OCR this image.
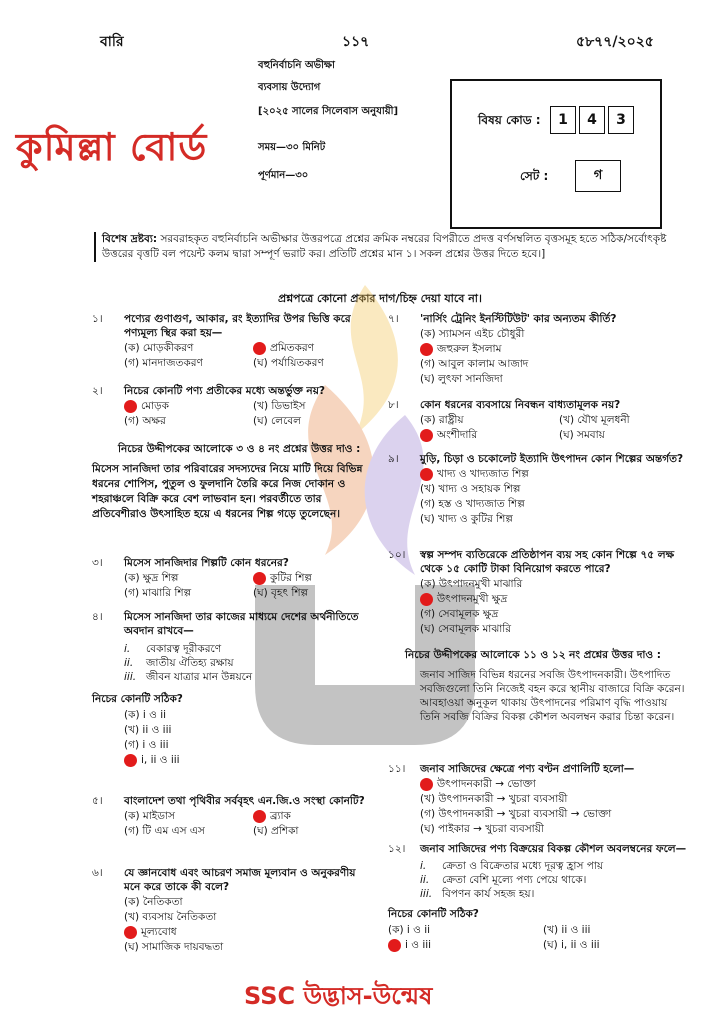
বারি	১১৭	৫৮৭৭/২০২৫
কুমিল্লা বোর্ড
বহুনির্বাচনি অভীক্ষা
ব্যবসায় উদ্যোগ
[২০২৫ সালের সিলেবাস অনুযায়ী]
সময়—৩০ মিনিট
পূর্ণমান—৩০
বিষয় কোড :	1	4	3
সেট :	গ
বিশেষ দ্রষ্টব্য: সরবরাহকৃত বহুনির্বাচনি অভীক্ষার উত্তরপত্রে প্রশ্নের ক্রমিক নম্বরের বিপরীতে প্রদত্ত বর্ণসম্বলিত বৃত্তসমূহ হতে সঠিক/সর্বোৎকৃষ্ট উত্তরের বৃত্তটি বল পয়েন্ট কলম দ্বারা সম্পূর্ণ ভরাট কর। প্রতিটি প্রশ্নের মান ১। সকল প্রশ্নের উত্তর দিতে হবে।]
প্রশ্নপত্রে কোনো প্রকার দাগ/চিহ্ন দেয়া যাবে না।
১। পণ্যের গুণাগুণ, আকার, রং ইত্যাদির উপর ভিত্তি করে পণ্যমূল্য স্থির করা হয়—
(ক) মোড়কীকরণ	প্রমিতকরণ
(গ) মানদাজতকরণ	(ঘ) পর্যায়িতকরণ
২। নিচের কোনটি পণ্য প্রতীকের মধ্যে অন্তর্ভুক্ত নয়?
মোড়ক	(খ) ডিভাইস
(গ) অক্ষর	(ঘ) লেবেল
নিচের উদ্দীপকের আলোকে ৩ ও ৪ নং প্রশ্নের উত্তর দাও :
মিসেস সানজিদা তার পরিবারের সদস্যদের নিয়ে মাটি দিয়ে বিভিন্ন ধরনের শোপিস, পুতুল ও ফুলদানি তৈরি করে নিজ দোকান ও শহরাঞ্চলে বিক্রি করে বেশ লাভবান হন। পরবর্তীতে তার প্রতিবেশীরাও উৎসাহিত হয়ে এ ধরনের শিল্প গড়ে তুলেছেন।
৩। মিসেস সানজিদার শিল্পটি কোন ধরনের?
(ক) ক্ষুদ্র শিল্প	কুটির শিল্প
(গ) মাঝারি শিল্প	(ঘ) বৃহৎ শিল্প
৪। মিসেস সানজিদা তার কাজের মাধ্যমে দেশের অর্থনীতিতে অবদান রাখবে—
i.	বেকারত্ব দূরীকরণে
ii.	জাতীয় ঐতিহ্য রক্ষায়
iii. জীবন যাত্রার মান উন্নয়নে
নিচের কোনটি সঠিক?
(ক) i ও ii
(খ) ii ও iii
(গ) i ও iii
i, ii ও iii
৫। বাংলাদেশ তথা পৃথিবীর সর্ববৃহৎ এন.জি.ও সংস্থা কোনটি?
(ক) মাইডাস	ব্র্যাক
(গ) টি এম এস এস	(ঘ) প্রশিকা
৬। যে জ্ঞানবোধ এবং আচরণ সমাজ মূল্যবান ও অনুকরণীয় মনে করে তাকে কী বলে?
(ক) নৈতিকতা
(খ) ব্যবসায় নৈতিকতা
মূল্যবোধ
(ঘ) সামাজিক দায়বদ্ধতা
৭। 'নার্সিং ট্রেনিং ইনস্টিটিউট' কার অন্যতম কীর্তি?
(ক) স্যামসন এইচ চৌধুরী
জহুরুল ইসলাম
(গ) আবুল কালাম আজাদ
(ঘ) লুৎফা সানজিদা
৮। কোন ধরনের ব্যবসায়ে নিবন্ধন বাধ্যতামূলক নয়?
(ক) রাষ্ট্রীয়	(খ) যৌথ মূলধনী
অংশীদারি	(ঘ) সমবায়
৯। মুড়ি, চিড়া ও চকোলেট ইত্যাদি উৎপাদন কোন শিল্পের অন্তর্গত?
খাদ্য ও খাদ্যজাত শিল্প
(খ) খাদ্য ও সহায়ক শিল্প
(গ) হস্ত ও খাদ্যজাত শিল্প
(ঘ) খাদ্য ও কুটির শিল্প
১০। স্বল্প সম্পদ ব্যতিরেকে প্রতিষ্ঠাপন ব্যয় সহ কোন শিল্পে ৭৫ লক্ষ থেকে ১৫ কোটি টাকা বিনিয়োগ করতে পারে?
(ক) উৎপাদনমুখী মাঝারি
উৎপাদনমুখী ক্ষুদ্র
(গ) সেবামূলক ক্ষুদ্র
(ঘ) সেবামূলক মাঝারি
নিচের উদ্দীপকের আলোকে ১১ ও ১২ নং প্রশ্নের উত্তর দাও :
জনাব সাজিদ বিভিন্ন ধরনের সবজি উৎপাদনকারী। উৎপাদিত সবজিগুলো তিনি নিজেই বহন করে স্থানীয় বাজারে বিক্রি করেন। আবহাওয়া অনুকূল থাকায় উৎপাদনের পরিমাণ বৃদ্ধি পাওয়ায় তিনি সবজি বিক্রির বিকল্প কৌশল অবলম্বন করার চিন্তা করেন।
১১। জনাব সাজিদের ক্ষেত্রে পণ্য বণ্টন প্রণালিটি হলো—
উৎপাদনকারী → ভোক্তা
(খ) উৎপাদনকারী → খুচরা ব্যবসায়ী
(গ) উৎপাদনকারী → খুচরা ব্যবসায়ী → ভোক্তা
(ঘ) পাইকার → খুচরা ব্যবসায়ী
১২। জনাব সাজিদের পণ্য বিক্রয়ের বিকল্প কৌশল অবলম্বনের ফলে—
i.	ক্রেতা ও বিক্রেতার মধ্যে দূরত্ব হ্রাস পায়
ii.	ক্রেতা বেশি মূল্যে পণ্য পেয়ে থাকে।
iii. বিপণন কার্য সহজ হয়।
নিচের কোনটি সঠিক?
(ক) i ও ii	(খ) ii ও iii
i ও iii	(ঘ) i, ii ও iii
SSC উদ্ভাস-উন্মেষ
